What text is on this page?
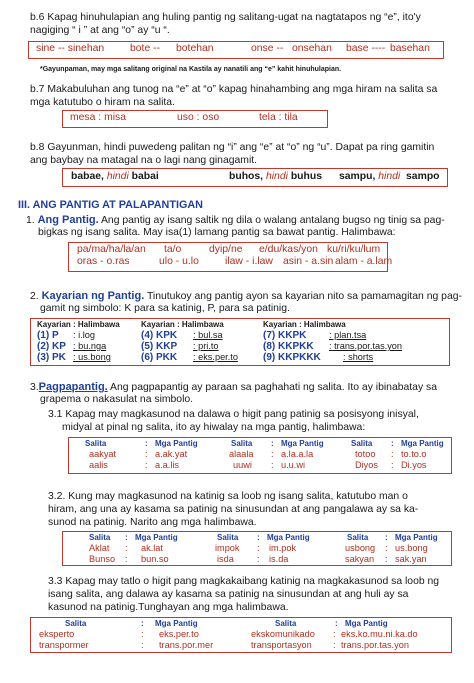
b.6 Kapag hinuhulapian ang huling pantig ng salitang-ugat na nagtatapos ng “e”, ito'y
nagiging “ i ” at ang “o” ay “u “.
sine -- sinehan bote -- botehan	onse -- onsehan base ---- basehan
*Gayunpaman, may mga salitang original na Kastila ay nanatili ang “e” kahit hinuhulapian.
b.7 Makabuluhan ang tunog na “e” at “o” kapag hinahambing ang mga hiram na salita sa
mga katutubo o hiram na salita.
mesa : misa	uso : oso	tela : tila
b.8 Gayunman, hindi puwedeng palitan ng “i” ang “e” at “o” ng “u”. Dapat pa ring gamitin
ang baybay na matagal na o lagi nang ginagamit.
babae, hindi babai	buhos, hindi buhus sampu, hindi sampo
III. ANG PANTIG AT PALAPANTIGAN
1. Ang Pantig. Ang pantig ay isang saltik ng dila o walang antalang bugso ng tinig sa pag-
bigkas ng isang salita. May isa(1) lamang pantig sa bawat pantig. Halimbawa:
pa/ma/ha/la/an ta/o	dyip/ne e/du/kas/yon ku/ri/ku/lum
oras - o.ras	ulo - u.lo	ilaw - i.law asin - a.sin alam - a.lam
2. Kayarian ng Pantig. Tinutukoy ang pantig ayon sa kayarian nito sa pamamagitan ng pag-
gamit ng simbolo: K para sa katinig, P, para sa patinig.
Kayarian : Halimbawa	Kayarian : Halimbawa	Kayarian : Halimbawa
(1) P : i.log	(4) KPK : bul.sa	(7) KKPK : plan.tsa
(2) KP : bu.nga	(5) KKP : pri.to	(8) KKPKK : trans.por.tas.yon
(3) PK : us.bong	(6) PKK : eks.per.to	(9) KKPKKK : shorts
3.Pagpapantig. Ang pagpapantig ay paraan sa paghahati ng salita. Ito ay ibinabatay sa
grapema o nakasulat na simbolo.
3.1 Kapag may magkasunod na dalawa o higit pang patinig sa posisyong inisyal,
midyal at pinal ng salita, ito ay hiwalay na mga pantig, halimbawa:
Salita	: Mga Pantig	Salita : Mga Pantig	Salita : Mga Pantig
aakyat	: a.ak.yat	alaala : a.la.a.la	totoo : to.to.o
aalis	: a.a.lis	uuwi : u.u.wi	Diyos : Di.yos
3.2. Kung may magkasunod na katinig sa loob ng isang salita, katutubo man o
hiram, ang una ay kasama sa patinig na sinusundan at ang pangalawa ay sa ka-
sunod na patinig. Narito ang mga halimbawa.
Salita : Mga Pantig	Salita : Mga Pantig	Salita : Mga Pantig
Aklat : ak.lat	impok : im.pok	usbong : us.bong
Bunso : bun.so	isda	: is.da	sakyan : sak.yan
3.3 Kapag may tatlo o higit pang magkakaibang katinig na magkakasunod sa loob ng
isang salita, ang dalawa ay kasama sa patinig na sinusundan at ang huli ay sa
kasunod na patinig.Tunghayan ang mga halimbawa.
Salita	: Mga Pantig	Salita	: Mga Pantig
eksperto	: eks.per.to	ekskomunikado : eks.ko.mu.ni.ka.do
transpormer	: trans.por.mer	transportasyon : trans.por.tas.yon
